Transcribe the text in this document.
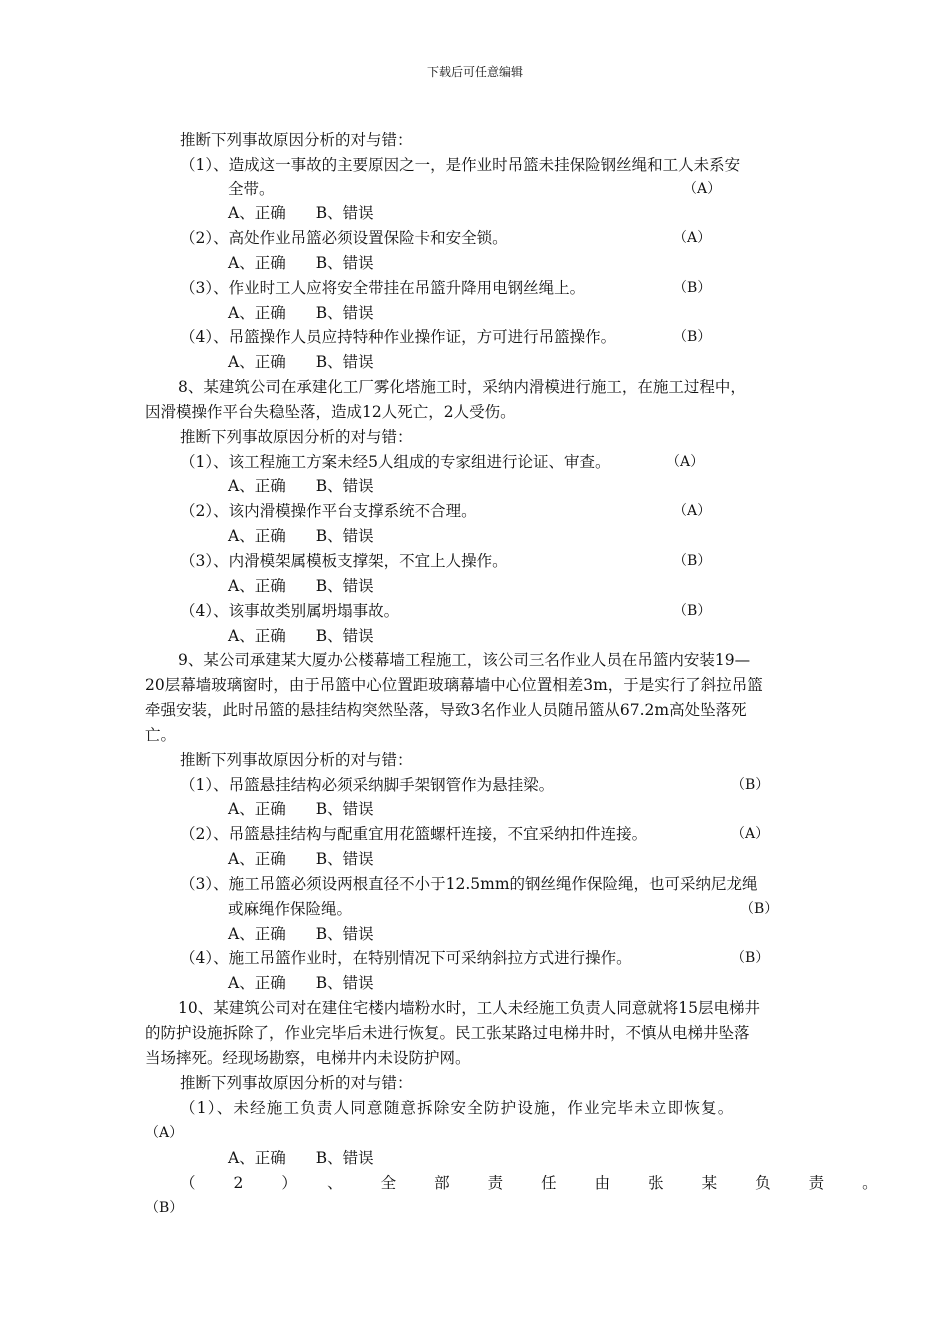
下载后可任意编辑
推断下列事故原因分析的对与错：
（1）、造成这一事故的主要原因之一，是作业时吊篮未挂保险钢丝绳和工人未系安
全带。	（A）
A、正确 B、错误
（2）、高处作业吊篮必须设置保险卡和安全锁。	（A）
A、正确 B、错误
（3）、作业时工人应将安全带挂在吊篮升降用电钢丝绳上。	（B）
A、正确 B、错误
（4）、吊篮操作人员应持特种作业操作证，方可进行吊篮操作。	（B）
A、正确 B、错误
8、某建筑公司在承建化工厂雾化塔施工时，采纳内滑模进行施工，在施工过程中，
因滑模操作平台失稳坠落，造成12人死亡，2人受伤。
推断下列事故原因分析的对与错：
（1）、该工程施工方案未经5人组成的专家组进行论证、审查。	（A）
A、正确 B、错误
（2）、该内滑模操作平台支撑系统不合理。	（A）
A、正确 B、错误
（3）、内滑模架属模板支撑架，不宜上人操作。	（B）
A、正确 B、错误
（4）、该事故类别属坍塌事故。	（B）
A、正确 B、错误
9、某公司承建某大厦办公楼幕墙工程施工，该公司三名作业人员在吊篮内安装19—
20层幕墙玻璃窗时，由于吊篮中心位置距玻璃幕墙中心位置相差3m，于是实行了斜拉吊篮
牵强安装，此时吊篮的悬挂结构突然坠落，导致3名作业人员随吊篮从67.2m高处坠落死
亡。
推断下列事故原因分析的对与错：
（1）、吊篮悬挂结构必须采纳脚手架钢管作为悬挂梁。	（B）
A、正确 B、错误
（2）、吊篮悬挂结构与配重宜用花篮螺杆连接，不宜采纳扣件连接。	（A）
A、正确 B、错误
（3）、施工吊篮必须设两根直径不小于12.5mm的钢丝绳作保险绳，也可采纳尼龙绳
或麻绳作保险绳。	（B）
A、正确 B、错误
（4）、施工吊篮作业时，在特别情况下可采纳斜拉方式进行操作。	（B）
A、正确 B、错误
10、某建筑公司对在建住宅楼内墙粉水时，工人未经施工负责人同意就将15层电梯井
的防护设施拆除了，作业完毕后未进行恢复。民工张某路过电梯井时，不慎从电梯井坠落
当场摔死。经现场勘察，电梯井内未设防护网。
推断下列事故原因分析的对与错：
（1）、未经施工负责人同意随意拆除安全防护设施，作业完毕未立即恢复。
（A）
A、正确 B、错误
（2）、全部责任由张某负责。
（B）
